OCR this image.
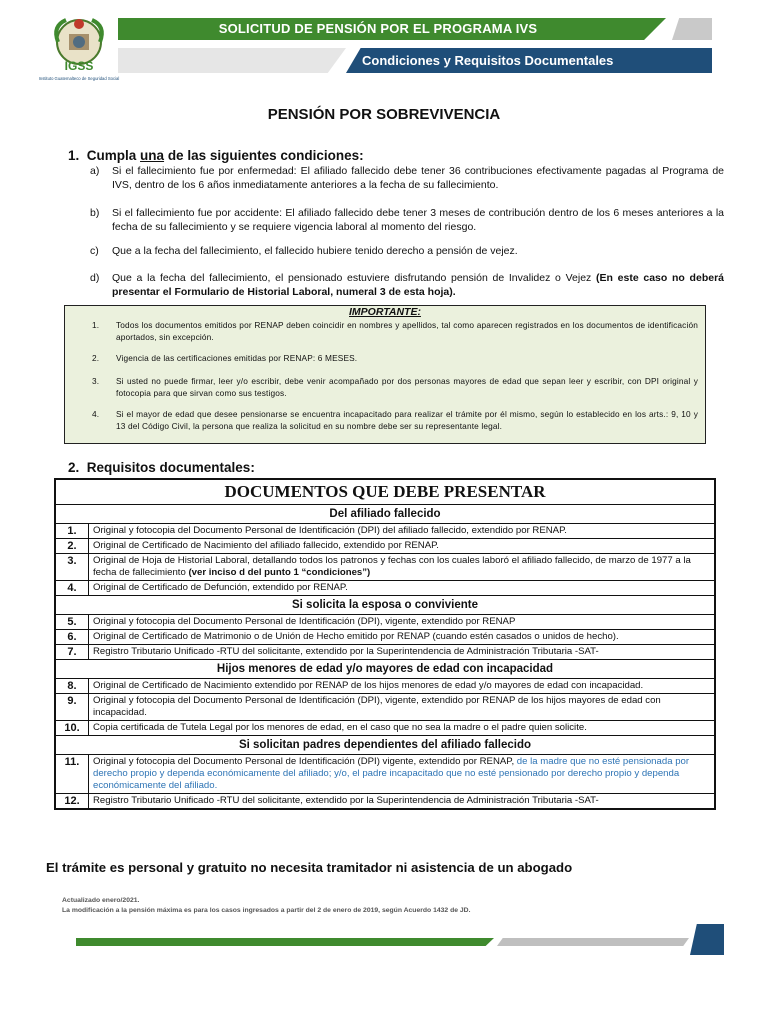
IGSS
Instituto Guatemalteco de Seguridad Social
SOLICITUD DE PENSIÓN POR EL PROGRAMA IVS
Condiciones y Requisitos Documentales
PENSIÓN POR SOBREVIVENCIA
1. Cumpla una de las siguientes condiciones:
a)	Si el fallecimiento fue por enfermedad: El afiliado fallecido debe tener 36 contribuciones efectivamente pagadas al Programa de IVS, dentro de los 6 años inmediatamente anteriores a la fecha de su fallecimiento.
b)	Si el fallecimiento fue por accidente: El afiliado fallecido debe tener 3 meses de contribución dentro de los 6 meses anteriores a la fecha de su fallecimiento y se requiere vigencia laboral al momento del riesgo.
c)	Que a la fecha del fallecimiento, el fallecido hubiere tenido derecho a pensión de vejez.
d)	Que a la fecha del fallecimiento, el pensionado estuviere disfrutando pensión de Invalidez o Vejez (En este caso no deberá presentar el Formulario de Historial Laboral, numeral 3 de esta hoja).
IMPORTANTE:
1.	Todos los documentos emitidos por RENAP deben coincidir en nombres y apellidos, tal como aparecen registrados en los documentos de identificación aportados, sin excepción.
2.	Vigencia de las certificaciones emitidas por RENAP: 6 MESES.
3.	Si usted no puede firmar, leer y/o escribir, debe venir acompañado por dos personas mayores de edad que sepan leer y escribir, con DPI original y fotocopia para que sirvan como sus testigos.
4.	Si el mayor de edad que desee pensionarse se encuentra incapacitado para realizar el trámite por él mismo, según lo establecido en los arts.: 9, 10 y 13 del Código Civil, la persona que realiza la solicitud en su nombre debe ser su representante legal.
2. Requisitos documentales:
DOCUMENTOS QUE DEBE PRESENTAR	
Del afiliado fallecido	
1.	Original y fotocopia del Documento Personal de Identificación (DPI) del afiliado fallecido, extendido por RENAP.
2.	Original de Certificado de Nacimiento del afiliado fallecido, extendido por RENAP.
3.	Original de Hoja de Historial Laboral, detallando todos los patronos y fechas con los cuales laboró el afiliado fallecido, de marzo de 1977 a la fecha de fallecimiento (ver inciso d del punto 1 “condiciones”)
4.	Original de Certificado de Defunción, extendido por RENAP.
Si solicita la esposa o conviviente	
5.	Original y fotocopia del Documento Personal de Identificación (DPI), vigente, extendido por RENAP
6.	Original de Certificado de Matrimonio o de Unión de Hecho emitido por RENAP (cuando estén casados o unidos de hecho).
7.	Registro Tributario Unificado -RTU del solicitante, extendido por la Superintendencia de Administración Tributaria -SAT-
Hijos menores de edad y/o mayores de edad con incapacidad	
8.	Original de Certificado de Nacimiento extendido por RENAP de los hijos menores de edad y/o mayores de edad con incapacidad.
9.	Original y fotocopia del Documento Personal de Identificación (DPI), vigente, extendido por RENAP de los hijos mayores de edad con incapacidad.
10.	Copia certificada de Tutela Legal por los menores de edad, en el caso que no sea la madre o el padre quien solicite.
Si solicitan padres dependientes del afiliado fallecido	
11.	Original y fotocopia del Documento Personal de Identificación (DPI) vigente, extendido por RENAP, de la madre que no esté pensionada por derecho propio y dependa económicamente del afiliado; y/o, el padre incapacitado que no esté pensionado por derecho propio y dependa económicamente del afiliado.
12.	Registro Tributario Unificado -RTU del solicitante, extendido por la Superintendencia de Administración Tributaria -SAT-
El trámite es personal y gratuito no necesita tramitador ni asistencia de un abogado
Actualizado enero/2021.
La modificación a la pensión máxima es para los casos ingresados a partir del 2 de enero de 2019, según Acuerdo 1432 de JD.
